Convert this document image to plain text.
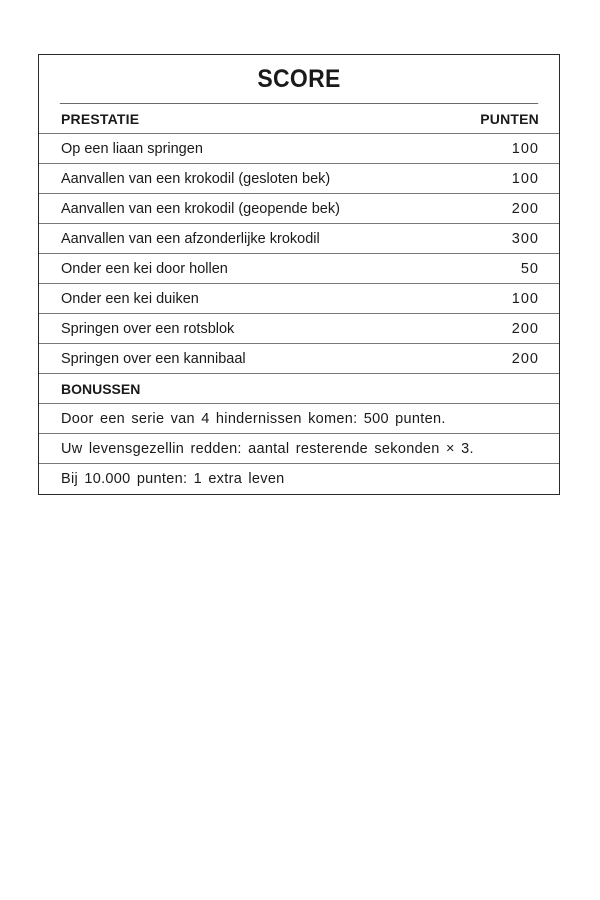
SCORE
PRESTATIE	PUNTEN
Op een liaan springen	100
Aanvallen van een krokodil (gesloten bek)	100
Aanvallen van een krokodil (geopende bek)	200
Aanvallen van een afzonderlijke krokodil	300
Onder een kei door hollen	50
Onder een kei duiken	100
Springen over een rotsblok	200
Springen over een kannibaal	200
BONUSSEN
Door een serie van 4 hindernissen komen: 500 punten.
Uw levensgezellin redden: aantal resterende sekonden × 3.
Bij 10.000 punten: 1 extra leven
